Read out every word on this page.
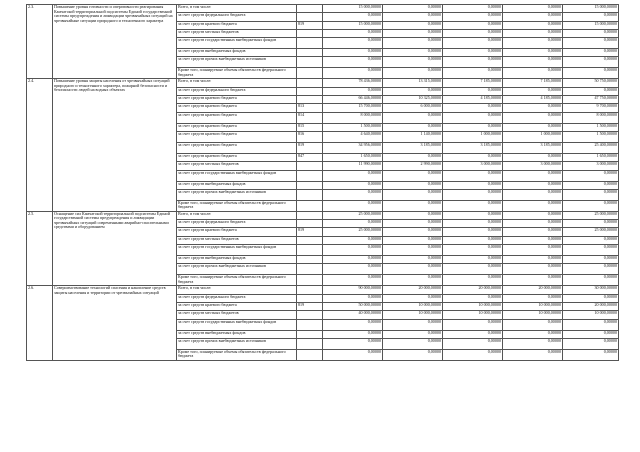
2.3.	Повышение уровня готовности и оперативности реагирования Камчатской территориальной подсистемы Единой государственной системы предупреждения и ликвидации чрезвычайных ситуаций на чрезвычайные ситуации природного и техногенного характера	Всего, в том числе:		15 000,00000	0,00000	0,00000	0,00000	15 000,00000
		за счет средств федерального бюджета		0,00000	0,00000	0,00000	0,00000	0,00000
		за счет средств краевого бюджета	819	15 000,00000	0,00000	0,00000	0,00000	15 000,00000
		за счет средств местных бюджетов		0,00000	0,00000	0,00000	0,00000	0,00000
		за счет средств государственных внебюджетных фондов		0,00000	0,00000	0,00000	0,00000	0,00000
		за счет средств внебюджетных фондов		0,00000	0,00000	0,00000	0,00000	0,00000
		за счет средств прочих внебюджетных источников		0,00000	0,00000	0,00000	0,00000	0,00000
		Кроме того, планируемые объемы обязательств федерального бюджета		0,00000	0,00000	0,00000	0,00000	0,00000
2.4.	Повышение уровня защиты населения от чрезвычайных ситуаций природного и техногенного характера, пожарной безопасности и безопасности людей на водных объектах	Всего, в том числе:		78 436,00000	13 315,00000	7 185,00000	7 185,00000	50 750,00000
		за счет средств федерального бюджета		0,00000	0,00000	0,00000	0,00000	0,00000
		за счет средств краевого бюджета		66 446,00000	10 325,00000	4 185,00000	4 185,00000	47 750,00000
		за счет средств краевого бюджета	813	15 700,00000	6 000,00000	0,00000	0,00000	9 700,00000
		за счет средств краевого бюджета	814	8 000,00000	0,00000	0,00000	0,00000	8 000,00000
		за счет средств краевого бюджета	815	1 500,00000	0,00000	0,00000	0,00000	1 500,00000
		за счет средств краевого бюджета	816	4 640,00000	1 140,00000	1 000,00000	1 000,00000	1 500,00000
		за счет средств краевого бюджета	819	34 956,00000	3 185,00000	3 185,00000	3 185,00000	25 400,00000
		за счет средств краевого бюджета	847	1 650,00000	0,00000	0,00000	0,00000	1 650,00000
		за счет средств местных бюджетов		11 990,00000	2 990,00000	3 000,00000	3 000,00000	3 000,00000
		за счет средств государственных внебюджетных фондов		0,00000	0,00000	0,00000	0,00000	0,00000
		за счет средств внебюджетных фондов		0,00000	0,00000	0,00000	0,00000	0,00000
		за счет средств прочих внебюджетных источников		0,00000	0,00000	0,00000	0,00000	0,00000
		Кроме того, планируемые объемы обязательств федерального бюджета		0,00000	0,00000	0,00000	0,00000	0,00000
2.5.	Оснащение сил Камчатской территориальной подсистемы Единой государственной системы предупреждения и ликвидации чрезвычайных ситуаций современными аварийно-спасательными средствами и оборудованием	Всего, в том числе:		25 000,00000	0,00000	0,00000	0,00000	25 000,00000
		за счет средств федерального бюджета		0,00000	0,00000	0,00000	0,00000	0,00000
		за счет средств краевого бюджета	819	25 000,00000	0,00000	0,00000	0,00000	25 000,00000
		за счет средств местных бюджетов		0,00000	0,00000	0,00000	0,00000	0,00000
		за счет средств государственных внебюджетных фондов		0,00000	0,00000	0,00000	0,00000	0,00000
		за счет средств внебюджетных фондов		0,00000	0,00000	0,00000	0,00000	0,00000
		за счет средств прочих внебюджетных источников		0,00000	0,00000	0,00000	0,00000	0,00000
		Кроме того, планируемые объемы обязательств федерального бюджета		0,00000	0,00000	0,00000	0,00000	0,00000
2.6.	Совершенствование технологий спасения и накопление средств защиты населения и территории от чрезвычайных ситуаций	Всего, в том числе:		90 000,00000	20 000,00000	20 000,00000	20 000,00000	30 000,00000
		за счет средств федерального бюджета		0,00000	0,00000	0,00000	0,00000	0,00000
		за счет средств краевого бюджета	819	50 000,00000	10 000,00000	10 000,00000	10 000,00000	20 000,00000
		за счет средств местных бюджетов		40 000,00000	10 000,00000	10 000,00000	10 000,00000	10 000,00000
		за счет средств государственных внебюджетных фондов		0,00000	0,00000	0,00000	0,00000	0,00000
		за счет средств внебюджетных фондов		0,00000	0,00000	0,00000	0,00000	0,00000
		за счет средств прочих внебюджетных источников		0,00000	0,00000	0,00000	0,00000	0,00000
		Кроме того, планируемые объемы обязательств федерального бюджета		0,00000	0,00000	0,00000	0,00000	0,00000
